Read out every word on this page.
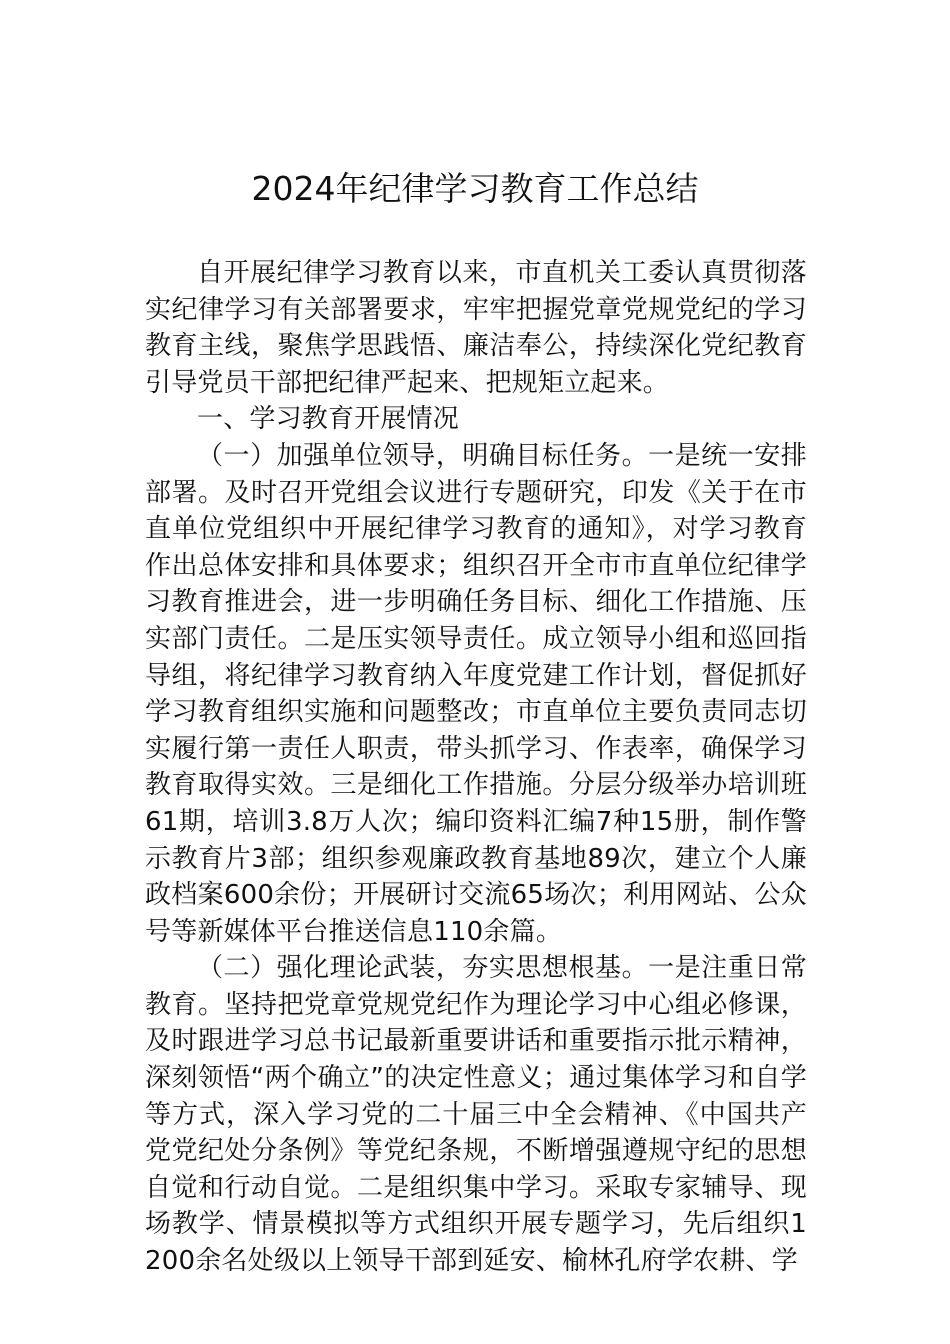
2024年纪律学习教育工作总结

自开展纪律学习教育以来，市直机关工委认真贯彻落实纪律学习有关部署要求，牢牢把握党章党规党纪的学习教育主线，聚焦学思践悟、廉洁奉公，持续深化党纪教育引导党员干部把纪律严起来、把规矩立起来。

一、学习教育开展情况

（一）加强单位领导，明确目标任务。一是统一安排部署。及时召开党组会议进行专题研究，印发《关于在市直单位党组织中开展纪律学习教育的通知》，对学习教育作出总体安排和具体要求；组织召开全市市直单位纪律学习教育推进会，进一步明确任务目标、细化工作措施、压实部门责任。二是压实领导责任。成立领导小组和巡回指导组，将纪律学习教育纳入年度党建工作计划，督促抓好学习教育组织实施和问题整改；市直单位主要负责同志切实履行第一责任人职责，带头抓学习、作表率，确保学习教育取得实效。三是细化工作措施。分层分级举办培训班61期，培训3.8万人次；编印资料汇编7种15册，制作警示教育片3部；组织参观廉政教育基地89次，建立个人廉政档案600余份；开展研讨交流65场次；利用网站、公众号等新媒体平台推送信息110余篇。

（二）强化理论武装，夯实思想根基。一是注重日常教育。坚持把党章党规党纪作为理论学习中心组必修课，及时跟进学习总书记最新重要讲话和重要指示批示精神，深刻领悟“两个确立”的决定性意义；通过集体学习和自学等方式，深入学习党的二十届三中全会精神、《中国共产党党纪处分条例》等党纪条规，不断增强遵规守纪的思想自觉和行动自觉。二是组织集中学习。采取专家辅导、现场教学、情景模拟等方式组织开展专题学习，先后组织1200余名处级以上领导干部到延安、榆林孔府学农耕、学
